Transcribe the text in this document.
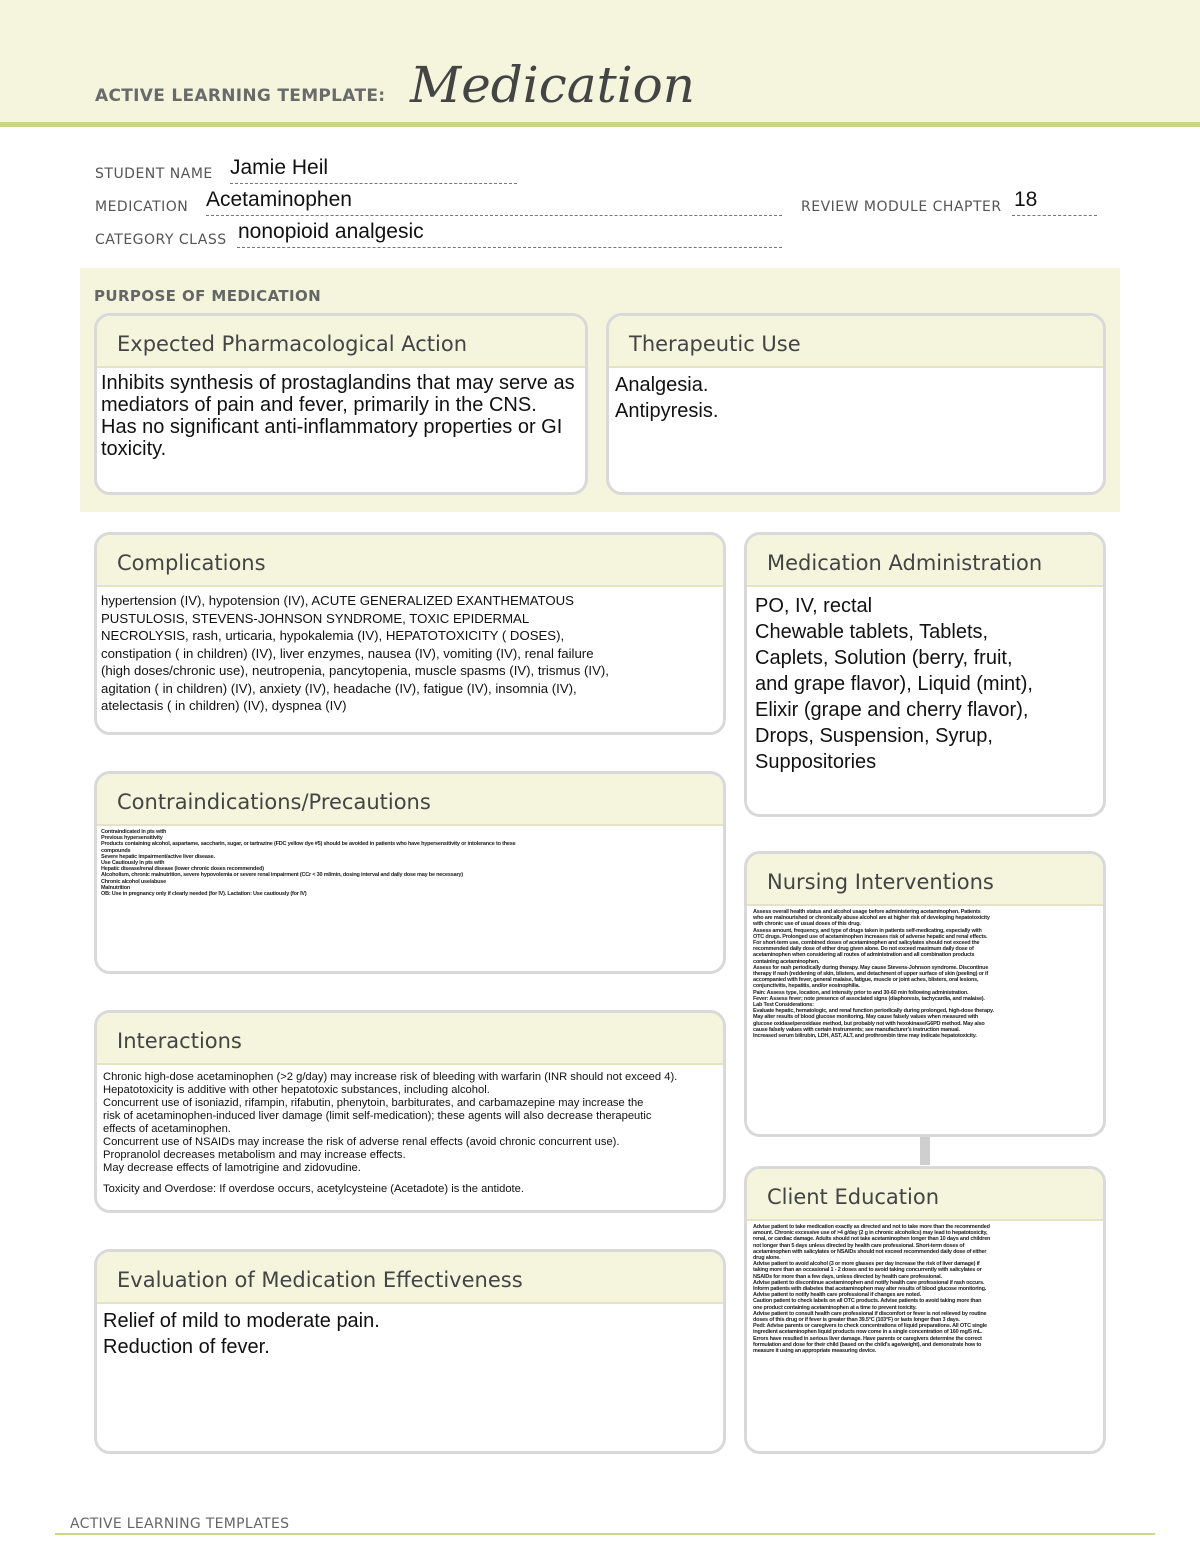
ACTIVE LEARNING TEMPLATE: Medication
STUDENT NAME Jamie Heil
MEDICATION Acetaminophen	REVIEW MODULE CHAPTER 18
CATEGORY CLASS nonopioid analgesic
PURPOSE OF MEDICATION
Expected Pharmacological Action
Inhibits synthesis of prostaglandins that may serve as
mediators of pain and fever, primarily in the CNS.
Has no significant anti-inflammatory properties or GI
toxicity.
Therapeutic Use
Analgesia.
Antipyresis.
Complications
hypertension (IV), hypotension (IV), ACUTE GENERALIZED EXANTHEMATOUS
PUSTULOSIS, STEVENS-JOHNSON SYNDROME, TOXIC EPIDERMAL
NECROLYSIS, rash, urticaria, hypokalemia (IV), HEPATOTOXICITY ( DOSES),
constipation ( in children) (IV), liver enzymes, nausea (IV), vomiting (IV), renal failure
(high doses/chronic use), neutropenia, pancytopenia, muscle spasms (IV), trismus (IV),
agitation ( in children) (IV), anxiety (IV), headache (IV), fatigue (IV), insomnia (IV),
atelectasis ( in children) (IV), dyspnea (IV)
Medication Administration
PO, IV, rectal
Chewable tablets, Tablets,
Caplets, Solution (berry, fruit,
and grape flavor), Liquid (mint),
Elixir (grape and cherry flavor),
Drops, Suspension, Syrup,
Suppositories
Contraindications/Precautions
Contraindicated in pts with
Previous hypersensitivity
Products containing alcohol, aspartame, saccharin, sugar, or tartrazine (FDC yellow dye #5) should be avoided in patients who have hypersensitivity or intolerance to these
compounds
Severe hepatic impairment/active liver disease.
Use Cautiously in pts with
Hepatic disease/renal disease (lower chronic doses recommended)
Alcoholism, chronic malnutrition, severe hypovolemia or severe renal impairment (CCr < 30 ml/min, dosing interval and daily dose may be necessary)
Chronic alcohol use/abuse
Malnutrition
OB: Use in pregnancy only if clearly needed (for IV). Lactation: Use cautiously (for IV)
Nursing Interventions
Assess overall health status and alcohol usage before administering acetaminophen. Patients
who are malnourished or chronically abuse alcohol are at higher risk of developing hepatotoxicity
with chronic use of usual doses of this drug.
Assess amount, frequency, and type of drugs taken in patients self-medicating, especially with
OTC drugs. Prolonged use of acetaminophen increases risk of adverse hepatic and renal effects.
For short-term use, combined doses of acetaminophen and salicylates should not exceed the
recommended daily dose of either drug given alone. Do not exceed maximum daily dose of
acetaminophen when considering all routes of administration and all combination products
containing acetaminophen.
Assess for rash periodically during therapy. May cause Stevens-Johnson syndrome. Discontinue
therapy if rash (reddening of skin, blisters, and detachment of upper surface of skin (peeling) or if
accompanied with fever, general malaise, fatigue, muscle or joint aches, blisters, oral lesions,
conjunctivitis, hepatitis, and/or eosinophilia.
Pain: Assess type, location, and intensity prior to and 30-60 min following administration.
Fever: Assess fever; note presence of associated signs (diaphoresis, tachycardia, and malaise).
Lab Test Considerations:
Evaluate hepatic, hematologic, and renal function periodically during prolonged, high-dose therapy.
May alter results of blood glucose monitoring. May cause falsely values when measured with
glucose oxidase/peroxidase method, but probably not with hexokinase/G6PD method. May also
cause falsely values with certain instruments; see manufacturer's instruction manual.
Increased serum bilirubin, LDH, AST, ALT, and prothrombin time may indicate hepatotoxicity.
Interactions
Chronic high-dose acetaminophen (>2 g/day) may increase risk of bleeding with warfarin (INR should not exceed 4).
Hepatotoxicity is additive with other hepatotoxic substances, including alcohol.
Concurrent use of isoniazid, rifampin, rifabutin, phenytoin, barbiturates, and carbamazepine may increase the
risk of acetaminophen-induced liver damage (limit self-medication); these agents will also decrease therapeutic
effects of acetaminophen.
Concurrent use of NSAIDs may increase the risk of adverse renal effects (avoid chronic concurrent use).
Propranolol decreases metabolism and may increase effects.
May decrease effects of lamotrigine and zidovudine.
Toxicity and Overdose: If overdose occurs, acetylcysteine (Acetadote) is the antidote.	Client Education
Advise patient to take medication exactly as directed and not to take more than the recommended
amount. Chronic excessive use of >4 g/day (2 g in chronic alcoholics) may lead to hepatotoxicity,
renal, or cardiac damage. Adults should not take acetaminophen longer than 10 days and children
not longer than 5 days unless directed by health care professional. Short-term doses of
acetaminophen with salicylates or NSAIDs should not exceed recommended daily dose of either
drug alone.
Advise patient to avoid alcohol (3 or more glasses per day increase the risk of liver damage) if
taking more than an occasional 1 - 2 doses and to avoid taking concurrently with salicylates or
NSAIDs for more than a few days, unless directed by health care professional.
Advise patient to discontinue acetaminophen and notify health care professional if rash occurs.
Inform patients with diabetes that acetaminophen may alter results of blood glucose monitoring.
Advise patient to notify health care professional if changes are noted.
Caution patient to check labels on all OTC products. Advise patients to avoid taking more than
one product containing acetaminophen at a time to prevent toxicity.
Advise patient to consult health care professional if discomfort or fever is not relieved by routine
doses of this drug or if fever is greater than 39.5°C (103°F) or lasts longer than 3 days.
Pedi: Advise parents or caregivers to check concentrations of liquid preparations. All OTC single
ingredient acetaminophen liquid products now come in a single concentration of 160 mg/5 mL.
Errors have resulted in serious liver damage. Have parents or caregivers determine the correct
formulation and dose for their child (based on the child's age/weight), and demonstrate how to
measure it using an appropriate measuring device.
Evaluation of Medication Effectiveness
Relief of mild to moderate pain.
Reduction of fever.
ACTIVE LEARNING TEMPLATES
